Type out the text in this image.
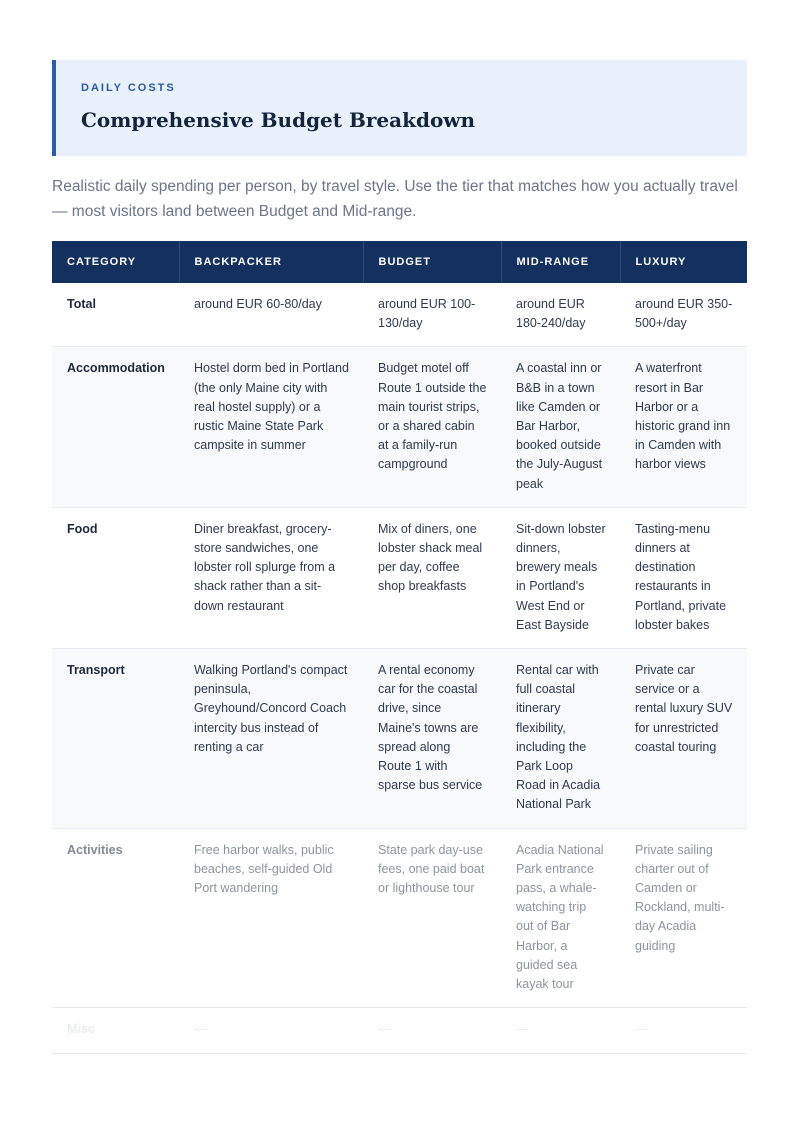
DAILY COSTS
Comprehensive Budget Breakdown

Realistic daily spending per person, by travel style. Use the tier that matches how you actually travel — most visitors land between Budget and Mid-range.

CATEGORY	BACKPACKER	BUDGET	MID-RANGE	LUXURY
Total	around EUR 60-80/day	around EUR 100-130/day	around EUR 180-240/day	around EUR 350-500+/day
Accommodation	Hostel dorm bed in Portland (the only Maine city with real hostel supply) or a rustic Maine State Park campsite in summer	Budget motel off Route 1 outside the main tourist strips, or a shared cabin at a family-run campground	A coastal inn or B&B in a town like Camden or Bar Harbor, booked outside the July-August peak	A waterfront resort in Bar Harbor or a historic grand inn in Camden with harbor views
Food	Diner breakfast, grocery-store sandwiches, one lobster roll splurge from a shack rather than a sit-down restaurant	Mix of diners, one lobster shack meal per day, coffee shop breakfasts	Sit-down lobster dinners, brewery meals in Portland's West End or East Bayside	Tasting-menu dinners at destination restaurants in Portland, private lobster bakes
Transport	Walking Portland's compact peninsula, Greyhound/Concord Coach intercity bus instead of renting a car	A rental economy car for the coastal drive, since Maine's towns are spread along Route 1 with sparse bus service	Rental car with full coastal itinerary flexibility, including the Park Loop Road in Acadia National Park	Private car service or a rental luxury SUV for unrestricted coastal touring
Activities	Free harbor walks, public beaches, self-guided Old Port wandering	State park day-use fees, one paid boat or lighthouse tour	Acadia National Park entrance pass, a whale-watching trip out of Bar Harbor, a guided sea kayak tour	Private sailing charter out of Camden or Rockland, multi-day Acadia guiding
Misc	—	—	—	—
